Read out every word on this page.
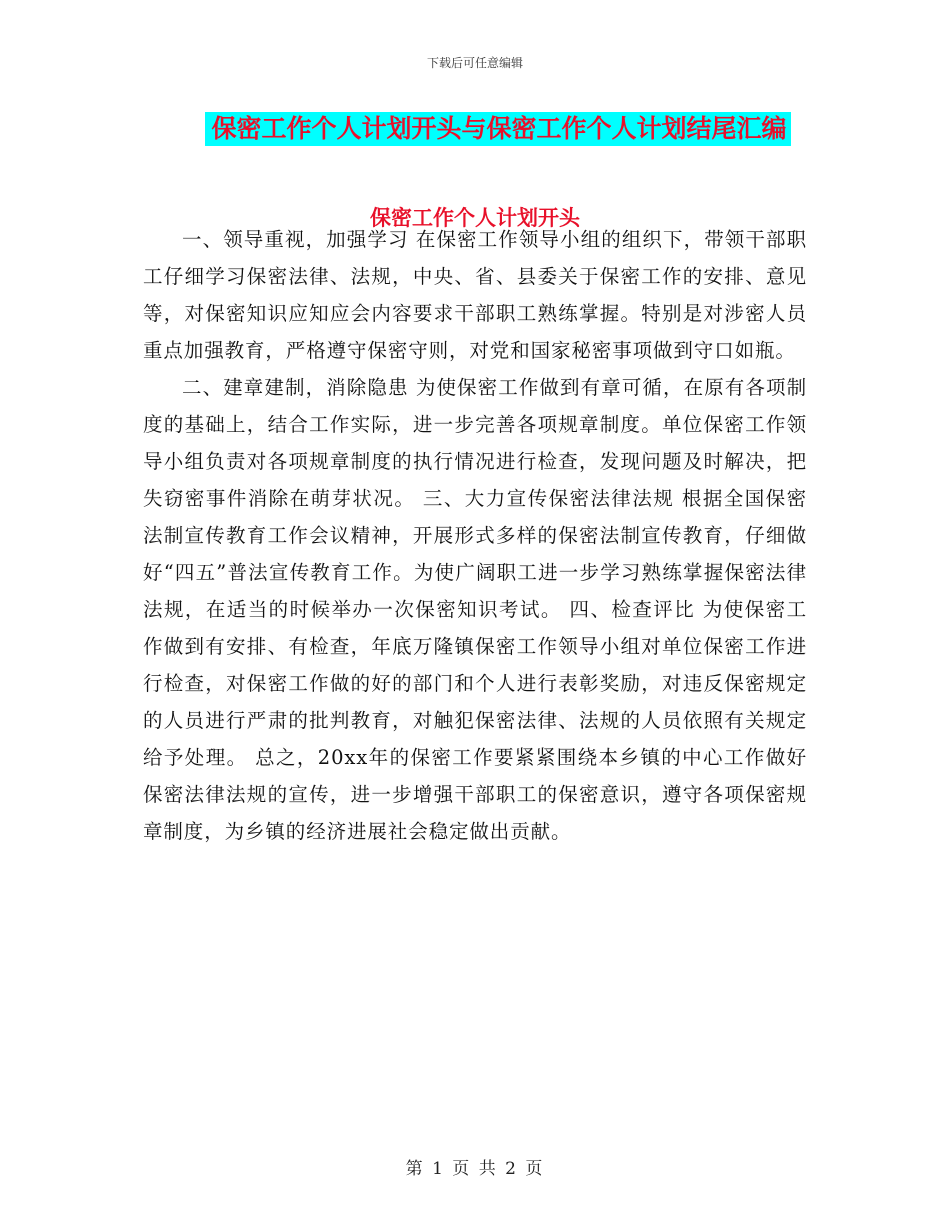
下载后可任意编辑
保密工作个人计划开头与保密工作个人计划结尾汇编
保密工作个人计划开头

一、领导重视，加强学习 在保密工作领导小组的组织下，带领干部职工仔细学习保密法律、法规，中央、省、县委关于保密工作的安排、意见等，对保密知识应知应会内容要求干部职工熟练掌握。特别是对涉密人员重点加强教育，严格遵守保密守则，对党和国家秘密事项做到守口如瓶。

二、建章建制，消除隐患 为使保密工作做到有章可循，在原有各项制度的基础上，结合工作实际，进一步完善各项规章制度。单位保密工作领导小组负责对各项规章制度的执行情况进行检查，发现问题及时解决，把失窃密事件消除在萌芽状况。 三、大力宣传保密法律法规 根据全国保密法制宣传教育工作会议精神，开展形式多样的保密法制宣传教育，仔细做好“四五”普法宣传教育工作。为使广阔职工进一步学习熟练掌握保密法律法规，在适当的时候举办一次保密知识考试。 四、检查评比 为使保密工作做到有安排、有检查，年底万隆镇保密工作领导小组对单位保密工作进行检查，对保密工作做的好的部门和个人进行表彰奖励，对违反保密规定的人员进行严肃的批判教育，对触犯保密法律、法规的人员依照有关规定给予处理。 总之，20xx年的保密工作要紧紧围绕本乡镇的中心工作做好保密法律法规的宣传，进一步增强干部职工的保密意识，遵守各项保密规章制度，为乡镇的经济进展社会稳定做出贡献。

第 1 页 共 2 页
